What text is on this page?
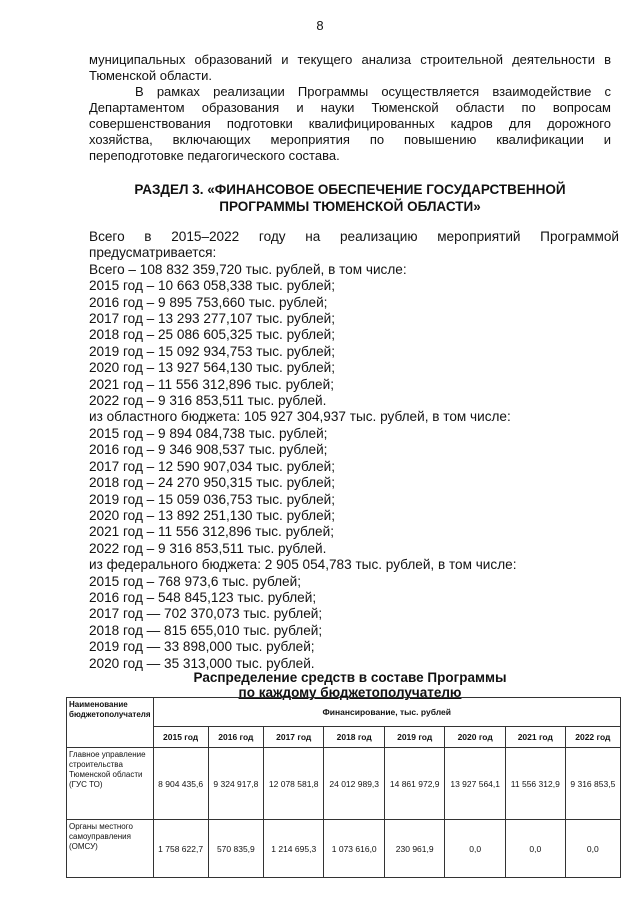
8
муниципальных образований и текущего анализа строительной деятельности в
Тюменской области.
В рамках реализации Программы осуществляется взаимодействие с
Департаментом образования и науки Тюменской области по вопросам
совершенствования подготовки квалифицированных кадров для дорожного
хозяйства, включающих мероприятия по повышению квалификации и
переподготовке педагогического состава.
РАЗДЕЛ 3. «ФИНАНСОВОЕ ОБЕСПЕЧЕНИЕ ГОСУДАРСТВЕННОЙ
ПРОГРАММЫ ТЮМЕНСКОЙ ОБЛАСТИ»
Всего в 2015–2022 году на реализацию мероприятий Программой
предусматривается:
Всего – 108 832 359,720 тыс. рублей, в том числе:
2015 год – 10 663 058,338 тыс. рублей;
2016 год – 9 895 753,660 тыс. рублей;
2017 год – 13 293 277,107 тыс. рублей;
2018 год – 25 086 605,325 тыс. рублей;
2019 год – 15 092 934,753 тыс. рублей;
2020 год – 13 927 564,130 тыс. рублей;
2021 год – 11 556 312,896 тыс. рублей;
2022 год – 9 316 853,511 тыс. рублей.
из областного бюджета: 105 927 304,937 тыс. рублей, в том числе:
2015 год – 9 894 084,738 тыс. рублей;
2016 год – 9 346 908,537 тыс. рублей;
2017 год – 12 590 907,034 тыс. рублей;
2018 год – 24 270 950,315 тыс. рублей;
2019 год – 15 059 036,753 тыс. рублей;
2020 год – 13 892 251,130 тыс. рублей;
2021 год – 11 556 312,896 тыс. рублей;
2022 год – 9 316 853,511 тыс. рублей.
из федерального бюджета: 2 905 054,783 тыс. рублей, в том числе:
2015 год – 768 973,6 тыс. рублей;
2016 год – 548 845,123 тыс. рублей;
2017 год — 702 370,073 тыс. рублей;
2018 год — 815 655,010 тыс. рублей;
2019 год — 33 898,000 тыс. рублей;
2020 год — 35 313,000 тыс. рублей.
Распределение средств в составе Программы
по каждому бюджетополучателю
Наименование бюджетополучателя	Финансирование, тыс. рублей							
	2015 год	2016 год	2017 год	2018 год	2019 год	2020 год	2021 год	2022 год
Главное управление строительства Тюменской области (ГУС ТО)	8 904 435,6	9 324 917,8	12 078 581,8	24 012 989,3	14 861 972,9	13 927 564,1	11 556 312,9	9 316 853,5
Органы местного самоуправления (ОМСУ)	1 758 622,7	570 835,9	1 214 695,3	1 073 616,0	230 961,9	0,0	0,0	0,0
